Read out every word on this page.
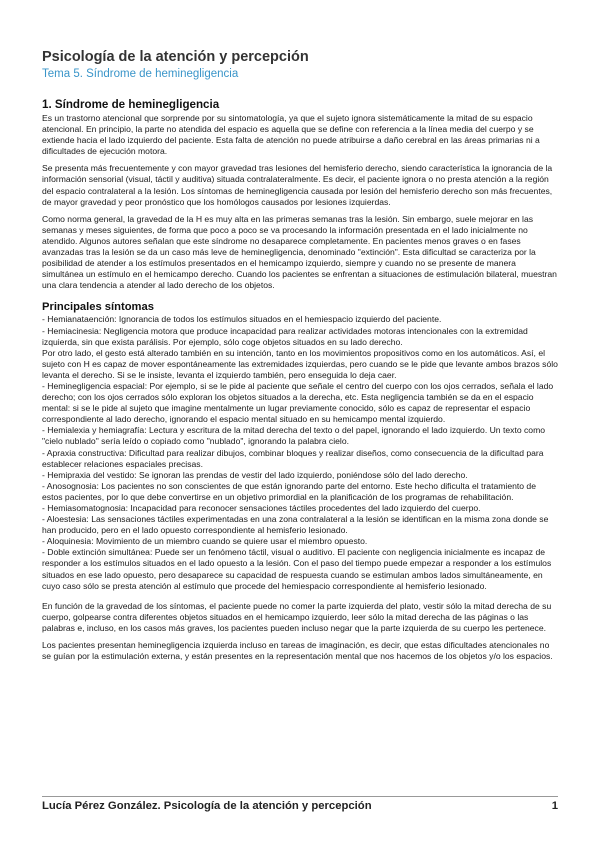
Psicología de la atención y percepción
Tema 5. Síndrome de heminegligencia
1. Síndrome de heminegligencia

Es un trastorno atencional que sorprende por su sintomatología, ya que el sujeto ignora sistemáticamente la mitad de su espacio atencional. En principio, la parte no atendida del espacio es aquella que se define con referencia a la línea media del cuerpo y se extiende hacia el lado izquierdo del paciente. Esta falta de atención no puede atribuirse a daño cerebral en las áreas primarias ni a dificultades de ejecución motora.

Se presenta más frecuentemente y con mayor gravedad tras lesiones del hemisferio derecho, siendo característica la ignorancia de la información sensorial (visual, táctil y auditiva) situada contralateralmente. Es decir, el paciente ignora o no presta atención a la región del espacio contralateral a la lesión. Los síntomas de heminegligencia causada por lesión del hemisferio derecho son más frecuentes, de mayor gravedad y peor pronóstico que los homólogos causados por lesiones izquierdas.

Como norma general, la gravedad de la H es muy alta en las primeras semanas tras la lesión. Sin embargo, suele mejorar en las semanas y meses siguientes, de forma que poco a poco se va procesando la información presentada en el lado inicialmente no atendido. Algunos autores señalan que este síndrome no desaparece completamente. En pacientes menos graves o en fases avanzadas tras la lesión se da un caso más leve de heminegligencia, denominado "extinción". Esta dificultad se caracteriza por la posibilidad de atender a los estímulos presentados en el hemicampo izquierdo, siempre y cuando no se presente de manera simultánea un estímulo en el hemicampo derecho. Cuando los pacientes se enfrentan a situaciones de estimulación bilateral, muestran una clara tendencia a atender al lado derecho de los objetos.

Principales síntomas
- Hemianataención: Ignorancia de todos los estímulos situados en el hemiespacio izquierdo del paciente.
- Hemiacinesia: Negligencia motora que produce incapacidad para realizar actividades motoras intencionales con la extremidad izquierda, sin que exista parálisis. Por ejemplo, sólo coge objetos situados en su lado derecho.
Por otro lado, el gesto está alterado también en su intención, tanto en los movimientos propositivos como en los automáticos. Así, el sujeto con H es capaz de mover espontáneamente las extremidades izquierdas, pero cuando se le pide que levante ambos brazos sólo levanta el derecho. Si se le insiste, levanta el izquierdo también, pero enseguida lo deja caer.
- Heminegligencia espacial: Por ejemplo, si se le pide al paciente que señale el centro del cuerpo con los ojos cerrados, señala el lado derecho; con los ojos cerrados sólo exploran los objetos situados a la derecha, etc. Esta negligencia también se da en el espacio mental: si se le pide al sujeto que imagine mentalmente un lugar previamente conocido, sólo es capaz de representar el espacio correspondiente al lado derecho, ignorando el espacio mental situado en su hemicampo mental izquierdo.
- Hemialexia y hemiagrafía: Lectura y escritura de la mitad derecha del texto o del papel, ignorando el lado izquierdo. Un texto como "cielo nublado" sería leído o copiado como "nublado", ignorando la palabra cielo.
- Apraxia constructiva: Dificultad para realizar dibujos, combinar bloques y realizar diseños, como consecuencia de la dificultad para establecer relaciones espaciales precisas.
- Hemipraxia del vestido: Se ignoran las prendas de vestir del lado izquierdo, poniéndose sólo del lado derecho.
- Anosognosia: Los pacientes no son conscientes de que están ignorando parte del entorno. Este hecho dificulta el tratamiento de estos pacientes, por lo que debe convertirse en un objetivo primordial en la planificación de los programas de rehabilitación.
- Hemiasomatognosia: Incapacidad para reconocer sensaciones táctiles procedentes del lado izquierdo del cuerpo.
- Aloestesia: Las sensaciones táctiles experimentadas en una zona contralateral a la lesión se identifican en la misma zona donde se han producido, pero en el lado opuesto correspondiente al hemisferio lesionado.
- Aloquinesia: Movimiento de un miembro cuando se quiere usar el miembro opuesto.
- Doble extinción simultánea: Puede ser un fenómeno táctil, visual o auditivo. El paciente con negligencia inicialmente es incapaz de responder a los estímulos situados en el lado opuesto a la lesión. Con el paso del tiempo puede empezar a responder a los estímulos situados en ese lado opuesto, pero desaparece su capacidad de respuesta cuando se estimulan ambos lados simultáneamente, en cuyo caso sólo se presta atención al estímulo que procede del hemiespacio correspondiente al hemisferio lesionado.

En función de la gravedad de los síntomas, el paciente puede no comer la parte izquierda del plato, vestir sólo la mitad derecha de su cuerpo, golpearse contra diferentes objetos situados en el hemicampo izquierdo, leer sólo la mitad derecha de las páginas o las palabras e, incluso, en los casos más graves, los pacientes pueden incluso negar que la parte izquierda de su cuerpo les pertenece.

Los pacientes presentan heminegligencia izquierda incluso en tareas de imaginación, es decir, que estas dificultades atencionales no se guían por la estimulación externa, y están presentes en la representación mental que nos hacemos de los objetos y/o los espacios.

Lucía Pérez González. Psicología de la atención y percepción	1
